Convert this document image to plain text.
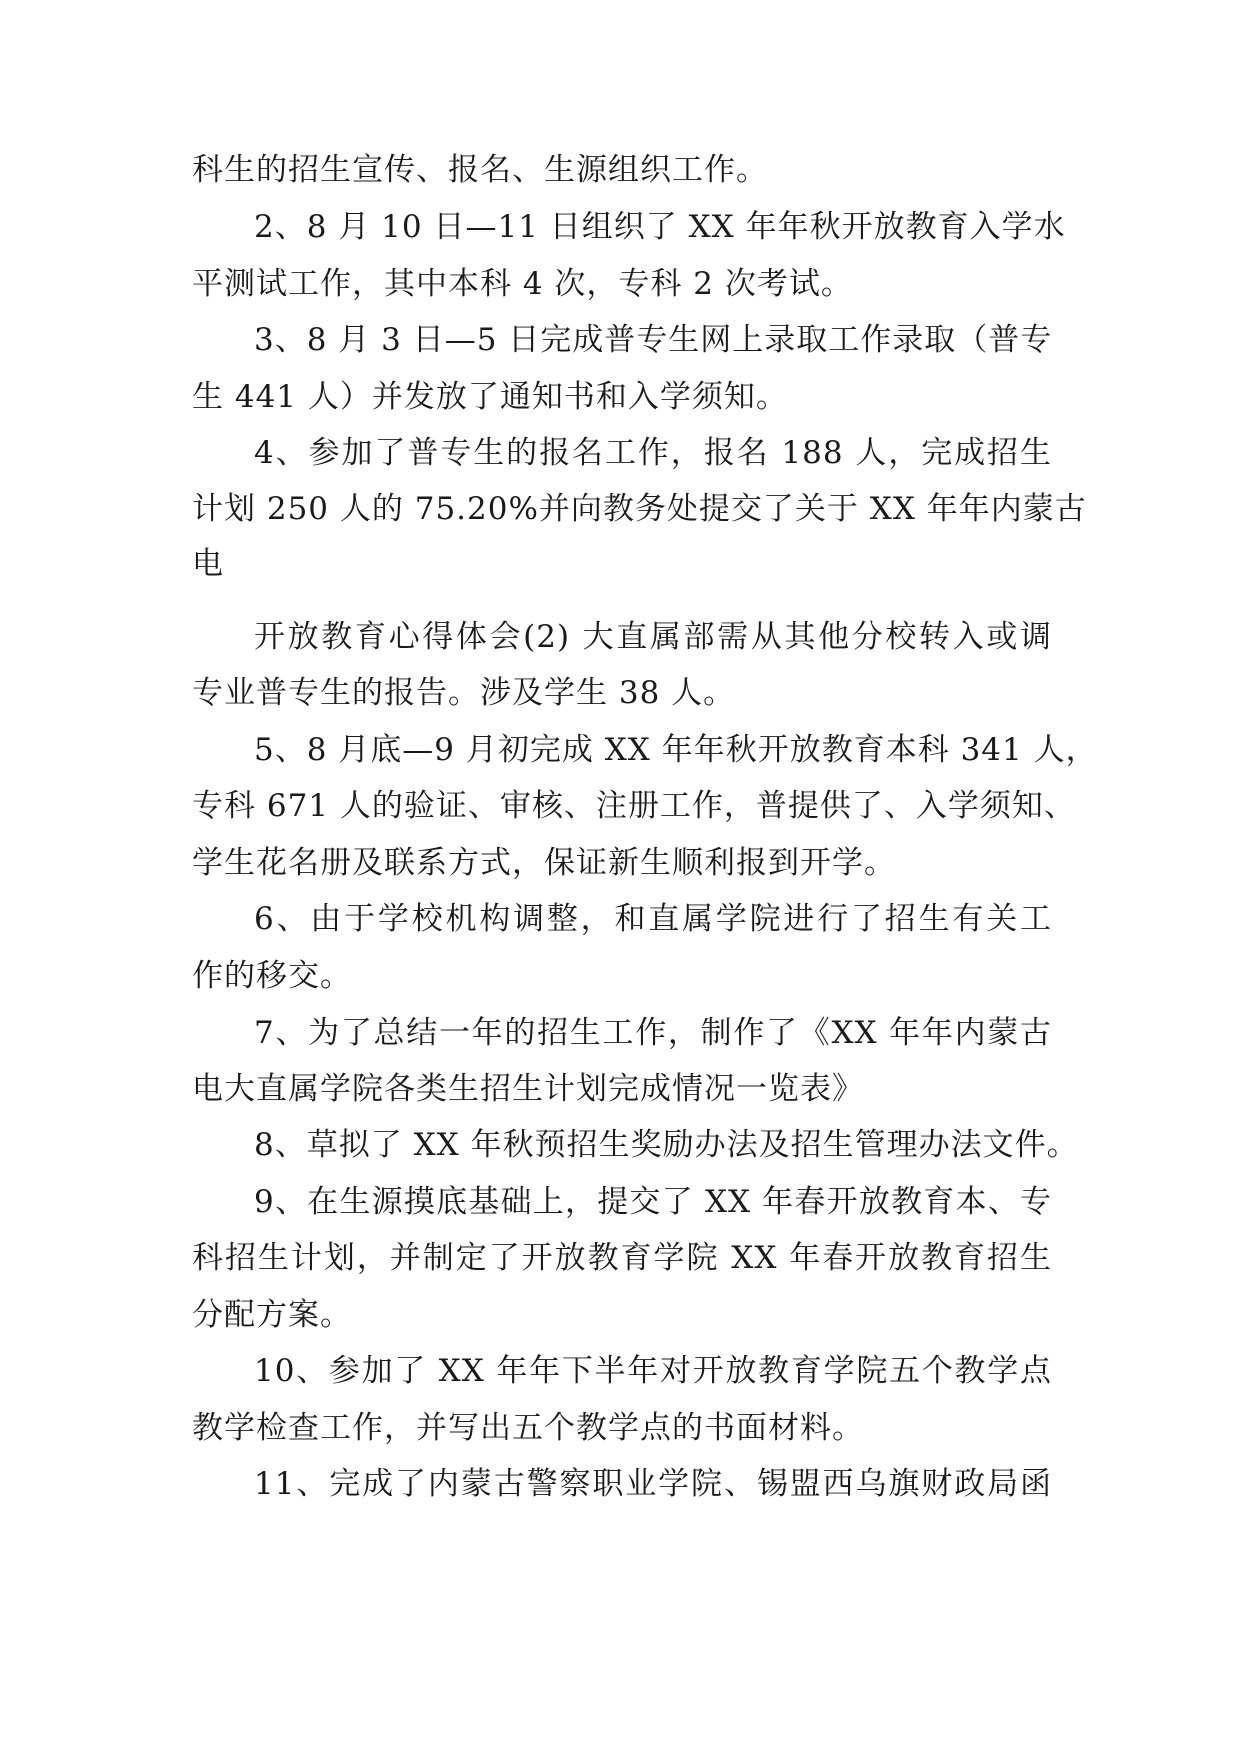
科生的招生宣传、报名、生源组织工作。
2、8 月 10 日—11 日组织了 XX 年年秋开放教育入学水
平测试工作，其中本科 4 次，专科 2 次考试。
3、8 月 3 日—5 日完成普专生网上录取工作录取（普专
生 441 人）并发放了通知书和入学须知。
4、参加了普专生的报名工作，报名 188 人，完成招生
计划 250 人的 75.20%并向教务处提交了关于 XX 年年内蒙古
电
开放教育心得体会(2) 大直属部需从其他分校转入或调
专业普专生的报告。涉及学生 38 人。
5、8 月底—9 月初完成 XX 年年秋开放教育本科 341 人，
专科 671 人的验证、审核、注册工作，普提供了、入学须知、
学生花名册及联系方式，保证新生顺利报到开学。
6、由于学校机构调整，和直属学院进行了招生有关工
作的移交。
7、为了总结一年的招生工作，制作了《XX 年年内蒙古
电大直属学院各类生招生计划完成情况一览表》
8、草拟了 XX 年秋预招生奖励办法及招生管理办法文件。
9、在生源摸底基础上，提交了 XX 年春开放教育本、专
科招生计划，并制定了开放教育学院 XX 年春开放教育招生
分配方案。
10、参加了 XX 年年下半年对开放教育学院五个教学点
教学检查工作，并写出五个教学点的书面材料。
11、完成了内蒙古警察职业学院、锡盟西乌旗财政局函
